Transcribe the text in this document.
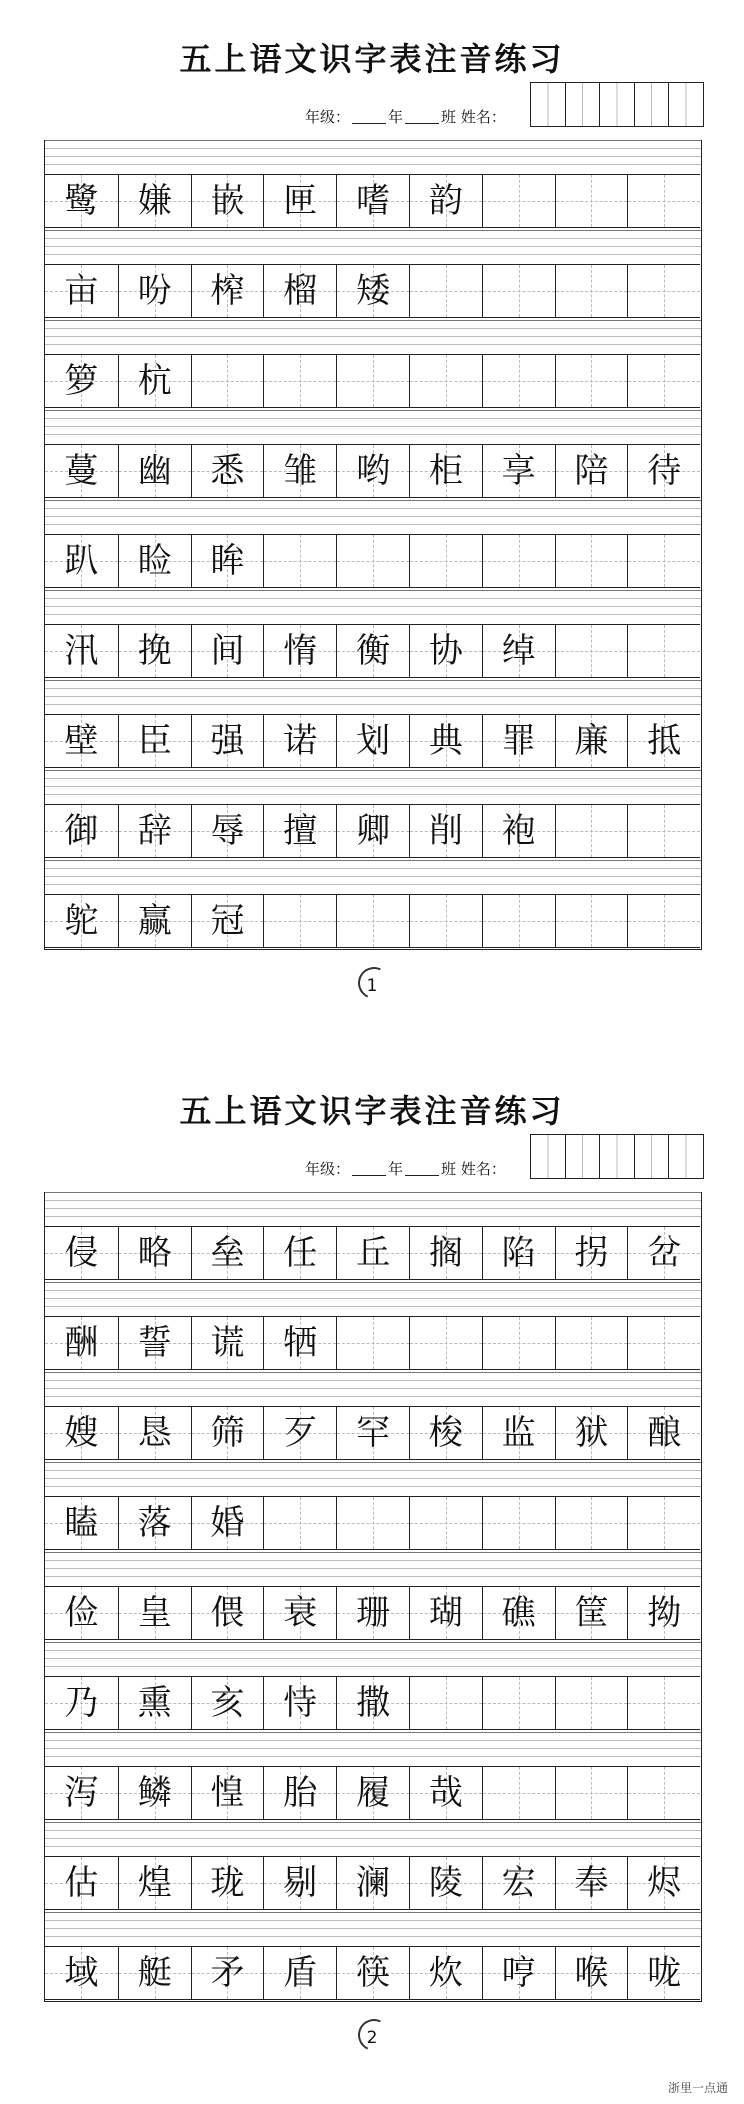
五上语文识字表注音练习
年级：	年	班 姓名：
鹭	嫌	嵌	匣	嗜	韵
亩	吩	榨	榴	矮
箩	杭
蔓	幽	悉	雏	哟	柜	享	陪	待
趴	睑	眸
汛	挽	间	惰	衡	协	绰
壁	臣	强	诺	划	典	罪	廉	抵
御	辞	辱	擅	卿	削	袍
鸵	赢	冠
1
五上语文识字表注音练习
年级：	年	班 姓名：
侵	略	垒	任	丘	搁	陷	拐	岔
酬	誓	谎	牺
嫂	恳	筛	歹	罕	梭	监	狱	酿
瞌	落	婚
俭	皇	偎	衰	珊	瑚	礁	筐	拗
乃	熏	亥	恃	撒
泻	鳞	惶	胎	履	哉
估	煌	珑	剔	澜	陵	宏	奉	烬
域	艇	矛	盾	筷	炊	哼	喉	咙
2
浙里一点通
